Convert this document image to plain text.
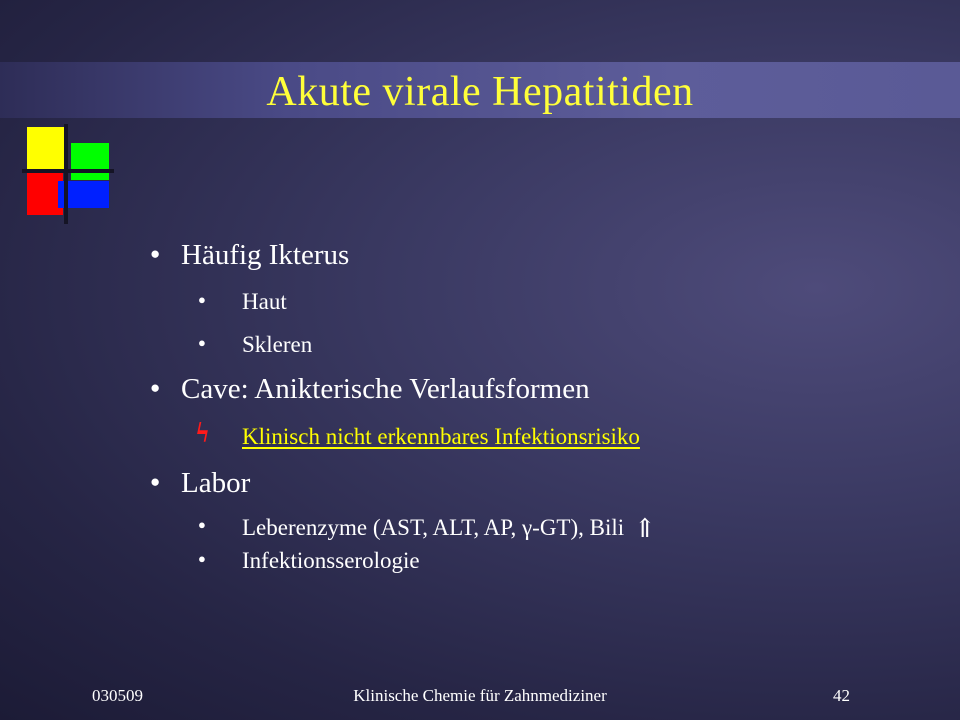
Akute virale Hepatitiden
● Häufig Ikterus
● Haut
● Skleren
● Cave: Anikterische Verlaufsformen
ϟ Klinisch nicht erkennbares Infektionsrisiko
● Labor
● Leberenzyme (AST, ALT, AP, γ-GT), Bili ⇑
● Infektionsserologie
030509	Klinische Chemie für Zahnmediziner	42
